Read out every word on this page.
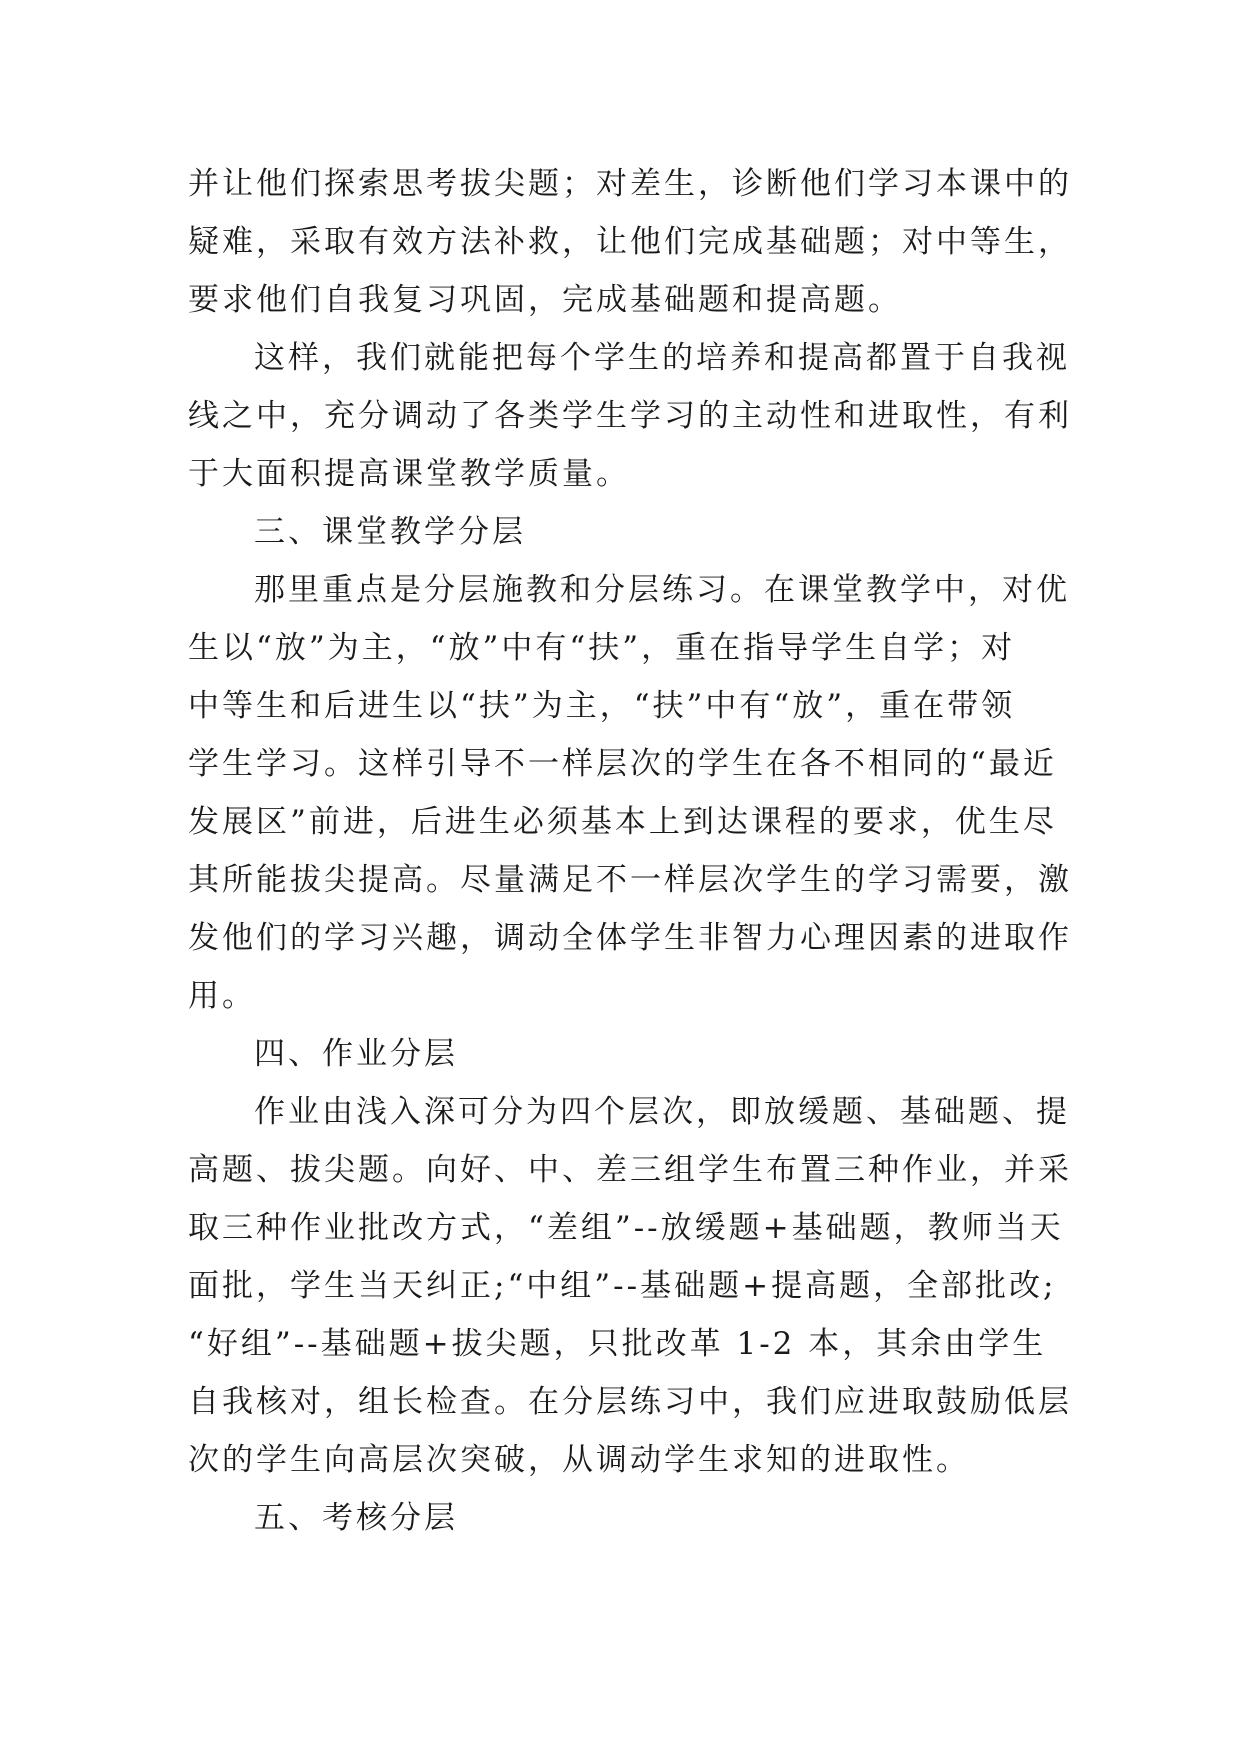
并让他们探索思考拔尖题；对差生，诊断他们学习本课中的
疑难，采取有效方法补救，让他们完成基础题；对中等生，
要求他们自我复习巩固，完成基础题和提高题。
这样，我们就能把每个学生的培养和提高都置于自我视
线之中，充分调动了各类学生学习的主动性和进取性，有利
于大面积提高课堂教学质量。
三、课堂教学分层
那里重点是分层施教和分层练习。在课堂教学中，对优
生以“放”为主，“放”中有“扶”，重在指导学生自学；对
中等生和后进生以“扶”为主，“扶”中有“放”，重在带领
学生学习。这样引导不一样层次的学生在各不相同的“最近
发展区”前进，后进生必须基本上到达课程的要求，优生尽
其所能拔尖提高。尽量满足不一样层次学生的学习需要，激
发他们的学习兴趣，调动全体学生非智力心理因素的进取作
用。
四、作业分层
作业由浅入深可分为四个层次，即放缓题、基础题、提
高题、拔尖题。向好、中、差三组学生布置三种作业，并采
取三种作业批改方式，“差组”--放缓题+基础题，教师当天
面批，学生当天纠正;“中组”--基础题+提高题，全部批改;
“好组”--基础题+拔尖题，只批改革 1-2 本，其余由学生
自我核对，组长检查。在分层练习中，我们应进取鼓励低层
次的学生向高层次突破，从调动学生求知的进取性。
五、考核分层
